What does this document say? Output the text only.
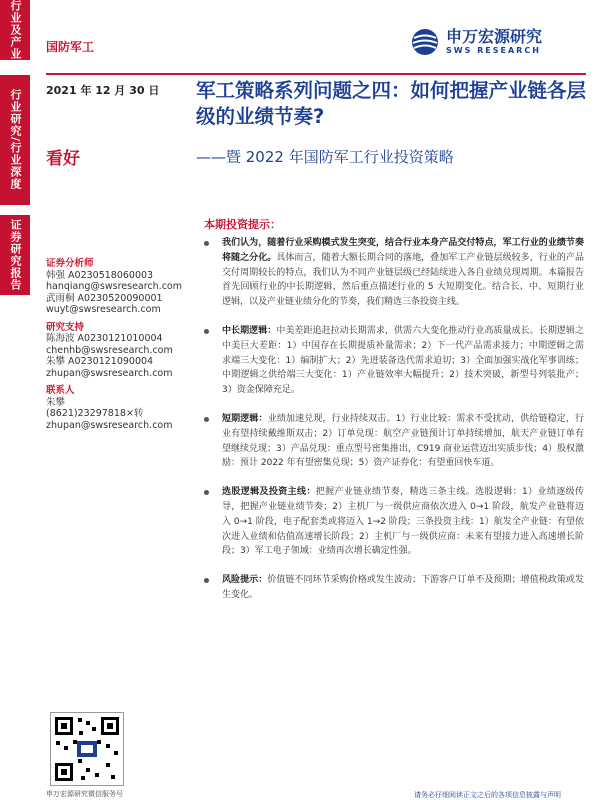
行业及产业
行业研究/行业深度
证券研究报告
国防军工
申万宏源研究
SWS RESEARCH
2021 年 12 月 30 日
看好
军工策略系列问题之四：如何把握产业链各层级的业绩节奏?
——暨 2022 年国防军工行业投资策略
证券分析师
韩强 A0230518060003
hanqiang@swsresearch.com
武雨桐 A0230520090001
wuyt@swsresearch.com
研究支持
陈海波 A0230121010004
chenhb@swsresearch.com
朱攀 A0230121090004
zhupan@swsresearch.com
联系人
朱攀
(8621)23297818×转
zhupan@swsresearch.com
本期投资提示：
我们认为，随着行业采购模式发生突变，结合行业本身产品交付特点，军工行业的业绩节奏将随之分化。具体而言，随着大额长期合同的落地，叠加军工产业链层级较多，行业的产品交付周期较长的特点，我们认为不同产业链层级已经陆续进入各自业绩兑现周期。本篇报告首先回顾行业的中长期逻辑，然后重点描述行业的 5 大短期变化。结合长、中、短期行业逻辑，以及产业链业绩分化的节奏，我们精选三条投资主线。
中长期逻辑：中美差距追赶拉动长期需求，供需六大变化推动行业高质量成长。长期逻辑之中美巨大差距：1）中国存在长期提质补量需求；2）下一代产品需求接力；中期逻辑之需求端三大变化：1）编制扩大；2）先进装备迭代需求迫切；3）全面加强实战化军事训练；中期逻辑之供给端三大变化：1）产业链效率大幅提升；2）技术突破，新型号列装批产；3）资金保障充足。
短期逻辑：业绩加速兑现，行业持续双击。1）行业比较：需求不受扰动，供给链稳定，行业有望持续戴维斯双击；2）订单兑现：航空产业链预计订单持续增加，航天产业链订单有望继续兑现；3）产品兑现：重点型号密集推出，C919 商业运营迈出实质步伐；4）股权激励：预计 2022 年有望密集兑现；5）资产证券化：有望重回快车道。
选股逻辑及投资主线：把握产业链业绩节奏，精选三条主线。选股逻辑：1）业绩逐级传导，把握产业链业绩节奏；2）主机厂与一级供应商依次进入 0→1 阶段，航发产业链将迈入 0→1 阶段，电子配套类或将迈入 1→2 阶段；三条投资主线：1）航发全产业链：有望依次进入业绩和估值高速增长阶段；2）主机厂与一级供应商：未来有望接力进入高速增长阶段；3）军工电子领域：业绩再次增长确定性强。
风险提示：价值链不同环节采购价格或发生波动；下游客户订单不及预期；增值税政策或发生变化。
申万宏源研究微信服务号	请务必仔细阅读正文之后的各项信息披露与声明
